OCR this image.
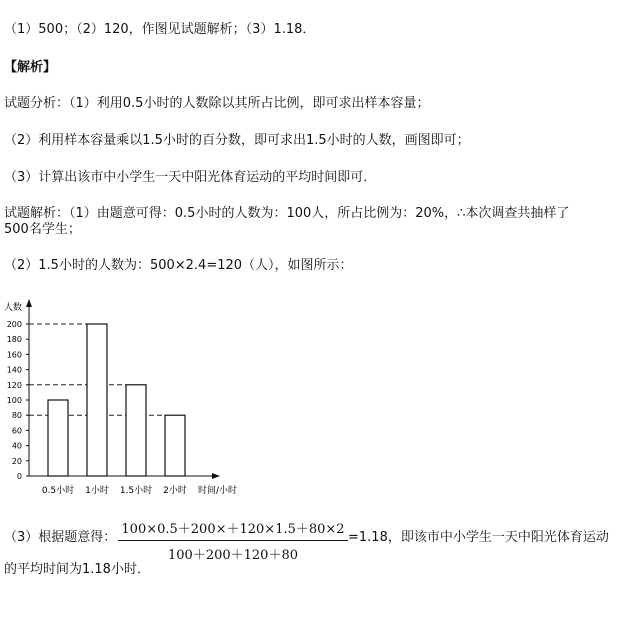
（1）500；（2）120，作图见试题解析；（3）1.18．
【解析】
试题分析：（1）利用0.5小时的人数除以其所占比例，即可求出样本容量；
（2）利用样本容量乘以1.5小时的百分数，即可求出1.5小时的人数，画图即可；
（3）计算出该市中小学生一天中阳光体育运动的平均时间即可．
试题解析：（1）由题意可得：0.5小时的人数为：100人，所占比例为：20%，∴本次调查共抽样了
500名学生；
（2）1.5小时的人数为：500×2.4=120（人），如图所示：
人数
时间/小时
0
20
40
60
80
100
120
140
160
180
200
0.5小时 1小时 1.5小时 2小时
（3）根据题意得： $\frac{100\times 0.5+200\times+120\times 1.5+80\times 2}{100+200+120+80} =1.18$，即该市中小学生一天中阳光体育运动
的平均时间为1.18小时．
